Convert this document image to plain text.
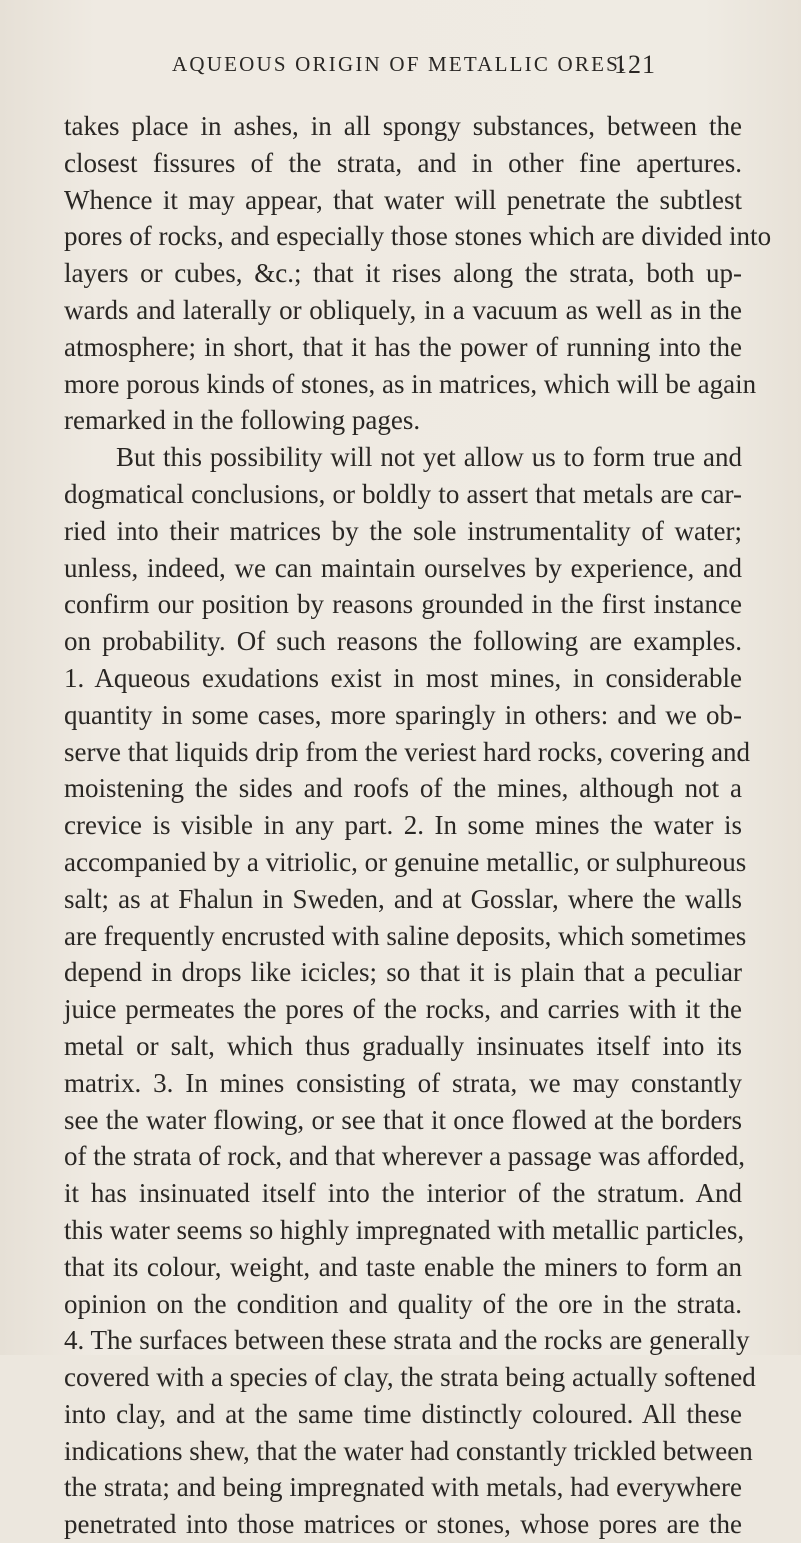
AQUEOUS ORIGIN OF METALLIC ORES.
121
takes place in ashes, in all spongy substances, between the
closest fissures of the strata, and in other fine apertures.
Whence it may appear, that water will penetrate the subtlest
pores of rocks, and especially those stones which are divided into
layers or cubes, &c.; that it rises along the strata, both up-
wards and laterally or obliquely, in a vacuum as well as in the
atmosphere; in short, that it has the power of running into the
more porous kinds of stones, as in matrices, which will be again
remarked in the following pages.
But this possibility will not yet allow us to form true and
dogmatical conclusions, or boldly to assert that metals are car-
ried into their matrices by the sole instrumentality of water;
unless, indeed, we can maintain ourselves by experience, and
confirm our position by reasons grounded in the first instance
on probability. Of such reasons the following are examples.
1. Aqueous exudations exist in most mines, in considerable
quantity in some cases, more sparingly in others: and we ob-
serve that liquids drip from the veriest hard rocks, covering and
moistening the sides and roofs of the mines, although not a
crevice is visible in any part. 2. In some mines the water is
accompanied by a vitriolic, or genuine metallic, or sulphureous
salt; as at Fhalun in Sweden, and at Gosslar, where the walls
are frequently encrusted with saline deposits, which sometimes
depend in drops like icicles; so that it is plain that a peculiar
juice permeates the pores of the rocks, and carries with it the
metal or salt, which thus gradually insinuates itself into its
matrix. 3. In mines consisting of strata, we may constantly
see the water flowing, or see that it once flowed at the borders
of the strata of rock, and that wherever a passage was afforded,
it has insinuated itself into the interior of the stratum. And
this water seems so highly impregnated with metallic particles,
that its colour, weight, and taste enable the miners to form an
opinion on the condition and quality of the ore in the strata.
4. The surfaces between these strata and the rocks are generally
covered with a species of clay, the strata being actually softened
into clay, and at the same time distinctly coloured. All these
indications shew, that the water had constantly trickled between
the strata; and being impregnated with metals, had everywhere
penetrated into those matrices or stones, whose pores are the
